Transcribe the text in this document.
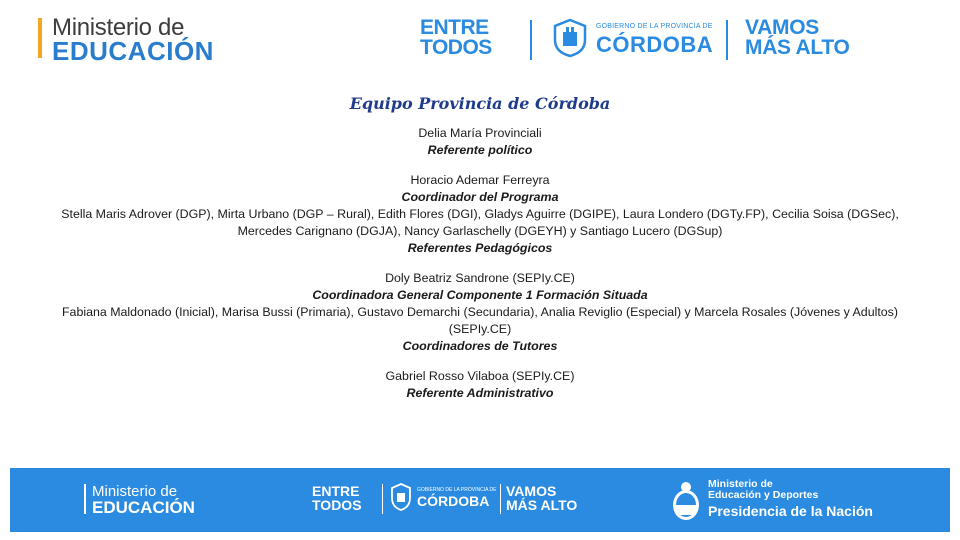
Ministerio de
EDUCACIÓN
ENTRE
TODOS
GOBIERNO DE LA PROVINCIA DE
CÓRDOBA
VAMOS
MÁS ALTO
Equipo Provincia de Córdoba
Delia María Provinciali
Referente político
Horacio Ademar Ferreyra
Coordinador del Programa
Stella Maris Adrover (DGP), Mirta Urbano (DGP – Rural), Edith Flores (DGI), Gladys Aguirre (DGIPE), Laura Londero (DGTy.FP), Cecilia Soisa (DGSec), Mercedes Carignano (DGJA), Nancy Garlaschelly (DGEYH) y Santiago Lucero (DGSup)
Referentes Pedagógicos
Doly Beatriz Sandrone (SEPIy.CE)
Coordinadora General Componente 1 Formación Situada
Fabiana Maldonado (Inicial), Marisa Bussi (Primaria), Gustavo Demarchi (Secundaria), Analia Reviglio (Especial) y Marcela Rosales (Jóvenes y Adultos) (SEPIy.CE)
Coordinadores de Tutores
Gabriel Rosso Vilaboa (SEPIy.CE)
Referente Administrativo
Ministerio de
EDUCACIÓN
ENTRE
TODOS
GOBIERNO DE LA PROVINCIA DE
CÓRDOBA
VAMOS
MÁS ALTO
Ministerio de
Educación y Deportes
Presidencia de la Nación
